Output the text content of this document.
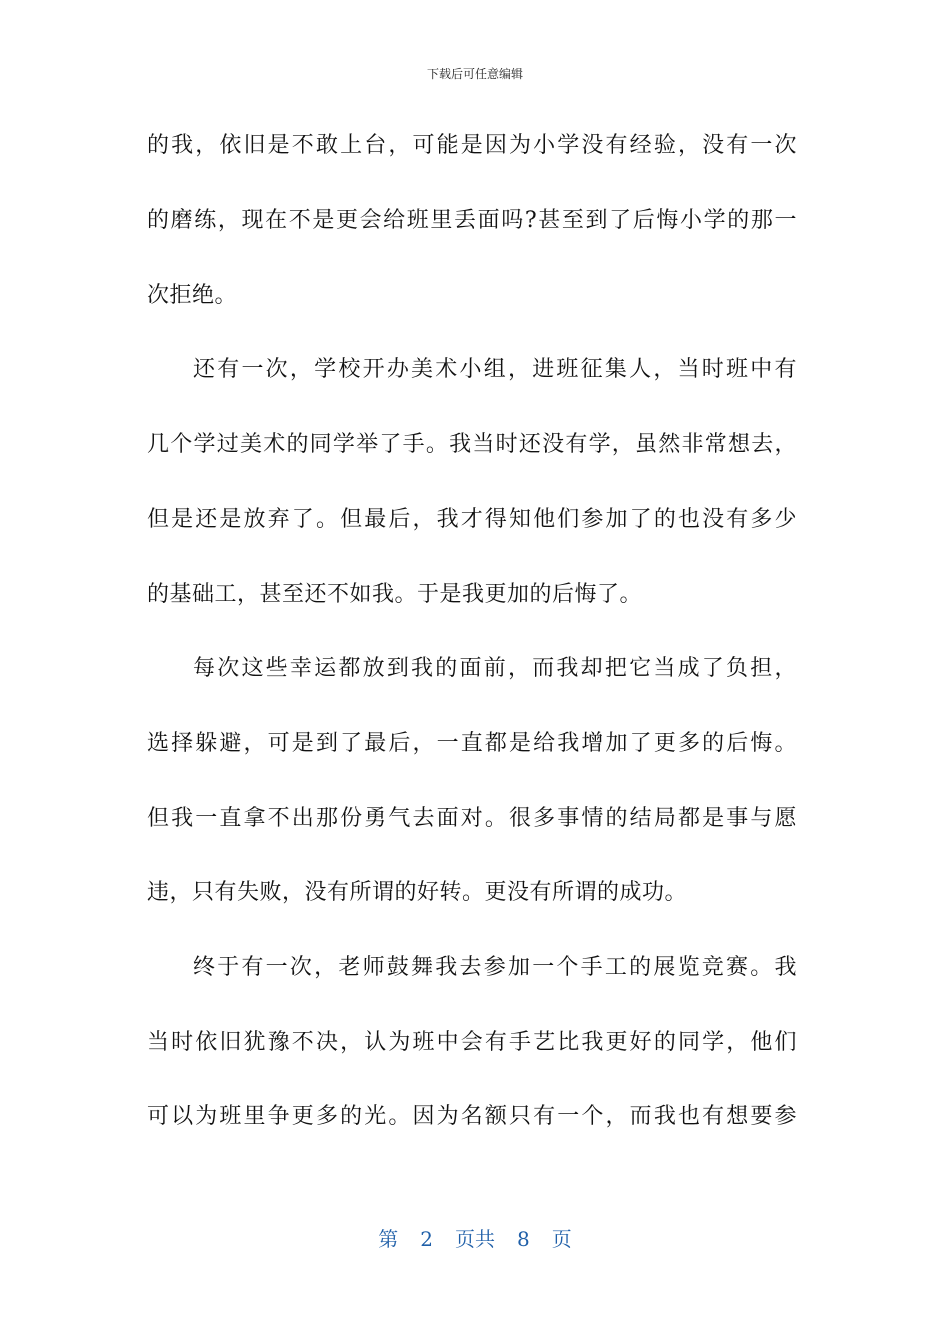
下载后可任意编辑
的我，依旧是不敢上台，可能是因为小学没有经验，没有一次
的磨练，现在不是更会给班里丢面吗?甚至到了后悔小学的那一
次拒绝。
还有一次，学校开办美术小组，进班征集人，当时班中有
几个学过美术的同学举了手。我当时还没有学，虽然非常想去，
但是还是放弃了。但最后，我才得知他们参加了的也没有多少
的基础工，甚至还不如我。于是我更加的后悔了。
每次这些幸运都放到我的面前，而我却把它当成了负担，
选择躲避，可是到了最后，一直都是给我增加了更多的后悔。
但我一直拿不出那份勇气去面对。很多事情的结局都是事与愿
违，只有失败，没有所谓的好转。更没有所谓的成功。
终于有一次，老师鼓舞我去参加一个手工的展览竞赛。我
当时依旧犹豫不决，认为班中会有手艺比我更好的同学，他们
可以为班里争更多的光。因为名额只有一个，而我也有想要参
第 2 页共 8 页
